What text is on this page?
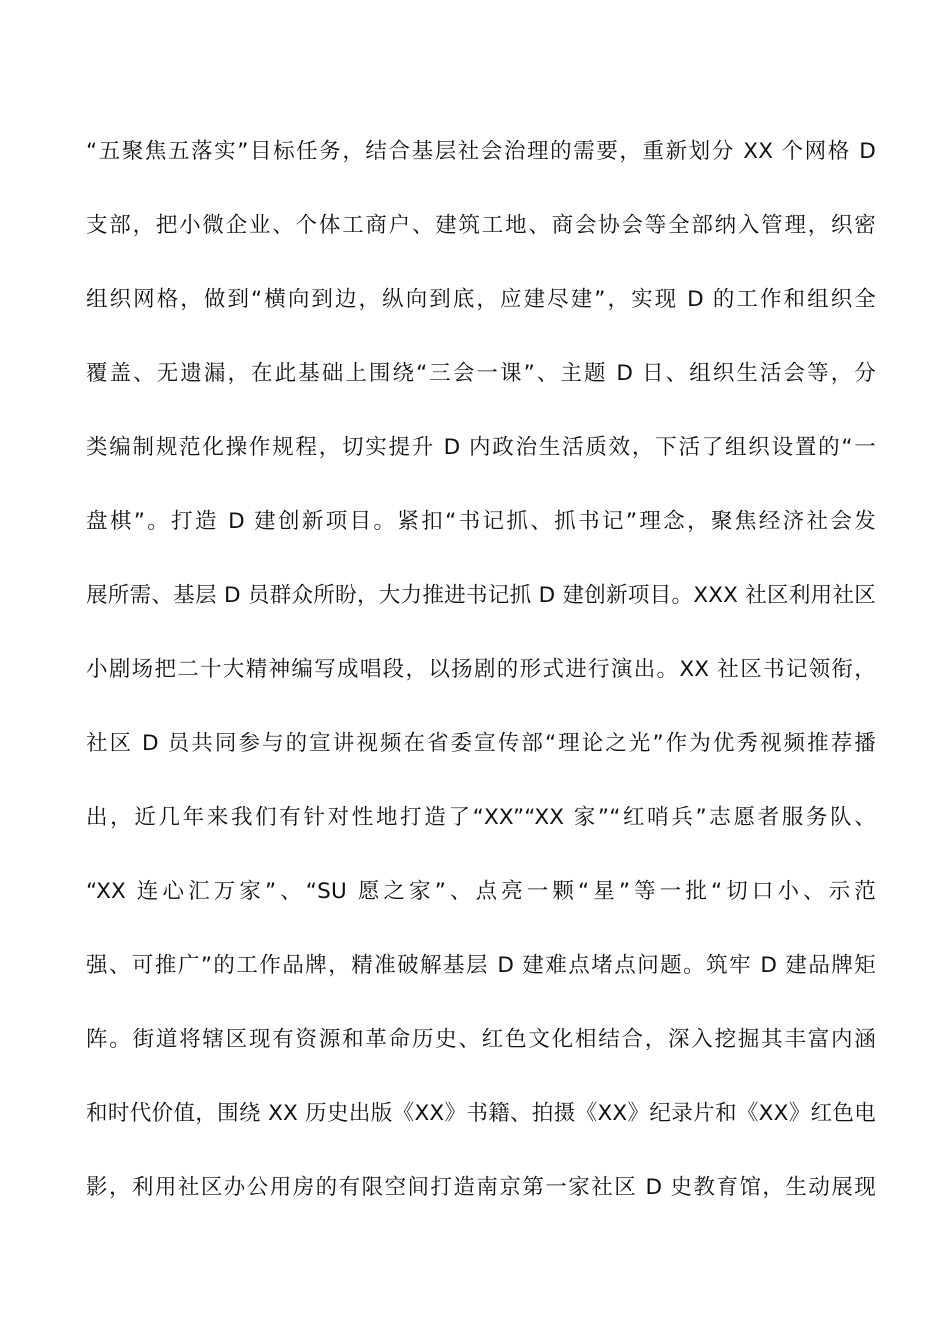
“五聚焦五落实”目标任务，结合基层社会治理的需要，重新划分 XX 个网格 D
支部，把小微企业、个体工商户、建筑工地、商会协会等全部纳入管理，织密
组织网格，做到“横向到边，纵向到底，应建尽建”，实现 D 的工作和组织全
覆盖、无遗漏，在此基础上围绕“三会一课”、主题 D 日、组织生活会等，分
类编制规范化操作规程，切实提升 D 内政治生活质效，下活了组织设置的“一
盘棋”。打造 D 建创新项目。紧扣“书记抓、抓书记”理念，聚焦经济社会发
展所需、基层 D 员群众所盼，大力推进书记抓 D 建创新项目。XXX 社区利用社区
小剧场把二十大精神编写成唱段，以扬剧的形式进行演出。XX 社区书记领衔，
社区 D 员共同参与的宣讲视频在省委宣传部“理论之光”作为优秀视频推荐播
出，近几年来我们有针对性地打造了“XX”“XX 家”“红哨兵”志愿者服务队、
“XX 连心汇万家”、“SU 愿之家”、点亮一颗“星”等一批“切口小、示范
强、可推广”的工作品牌，精准破解基层 D 建难点堵点问题。筑牢 D 建品牌矩
阵。街道将辖区现有资源和革命历史、红色文化相结合，深入挖掘其丰富内涵
和时代价值，围绕 XX 历史出版《XX》书籍、拍摄《XX》纪录片和《XX》红色电
影，利用社区办公用房的有限空间打造南京第一家社区 D 史教育馆，生动展现
